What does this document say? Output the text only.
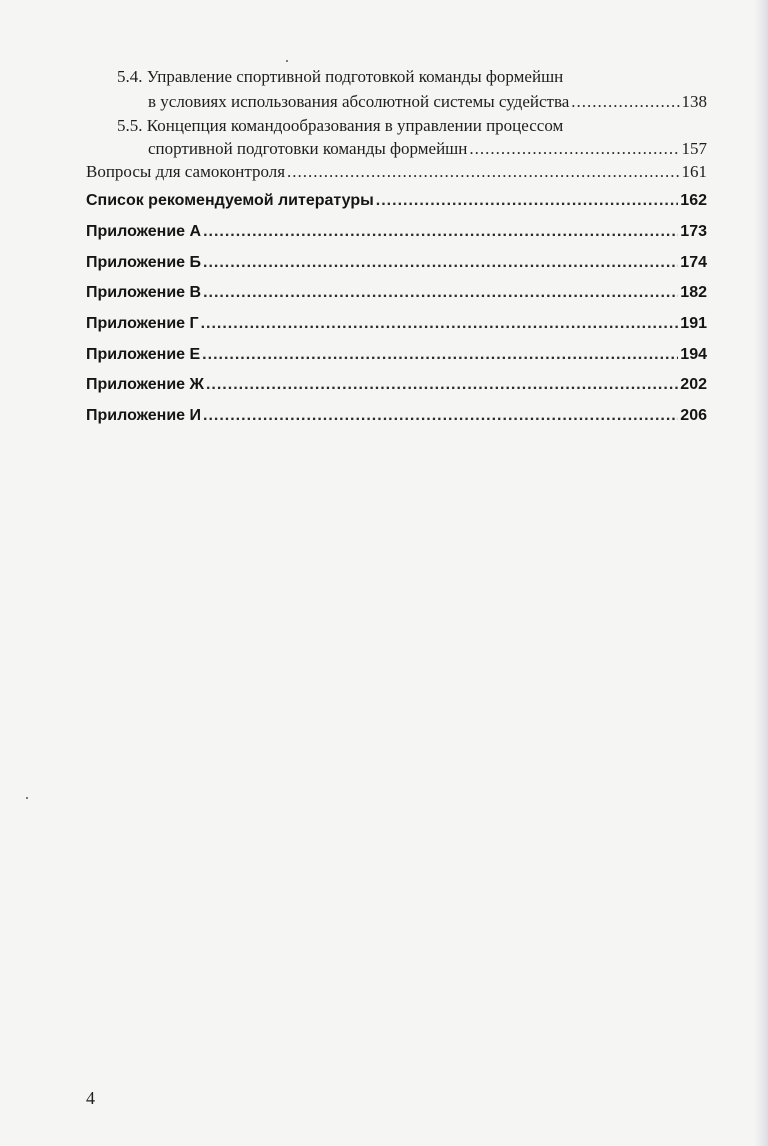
5.4.
Управление спортивной подготовкой команды формейшн
в условиях использования абсолютной системы судейства .....	138
5.5.
Концепция командообразования в управлении процессом
спортивной подготовки команды формейшн .....	157
Вопросы для самоконтроля .....	161
Список рекомендуемой литературы .....	162
Приложение А .....	173
Приложение Б .....	174
Приложение В .....	182
Приложение Г .....	191
Приложение Е .....	194
Приложение Ж .....	202
Приложение И .....	206
4
